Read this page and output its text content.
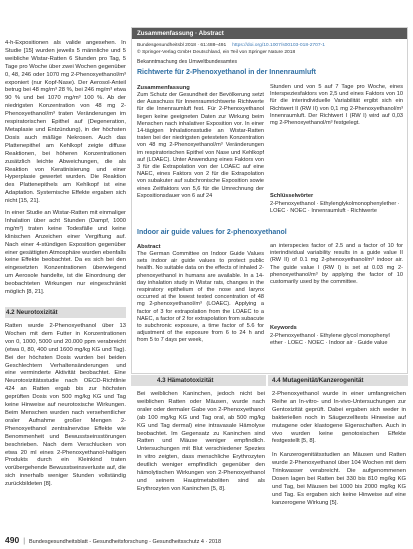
4-h-Expositionen als valide angesehen. In Studie [15] wurden jeweils 5 männliche und 5 weibliche Wistar-Ratten 6 Stunden pro Tag, 5 Tage pro Woche über zwei Wochen gegenüber 0, 48, 246 oder 1070 mg 2-Phenoxyethanol/m³ exponiert (nur Kopf-Nase). Der Aerosol-Anteil betrug bei 48 mg/m³ 28 %, bei 246 mg/m³ etwa 90 % und bei 1070 mg/m³ 100 %. Ab der niedrigsten Konzentration von 48 mg 2-Phenoxyethanol/m³ traten Veränderungen im respiratorischen Epithel auf (Degeneration, Metaplasie und Entzündung), in der höchsten Dosis auch mäßige Nekrosen. Auch das Plattenepithel am Kehlkopf zeigte diffuse Reaktionen, bei höheren Konzentrationen zusätzlich leichte Abweichungen, die als Reaktion von Keratinisierung und einer Hyperplasie gewertet wurden. Die Reaktion des Plattenepithels am Kehlkopf ist eine Adaptation. Systemische Effekte ergaben sich nicht [15, 21].

In einer Studie an Wistar-Ratten mit einmaliger Inhalation über acht Stunden (Dampf, 1000 mg/m³) traten keine Todesfälle und keine klinischen Anzeichen einer Vergiftung auf. Nach einer 4-stündigen Exposition gegenüber einer gesättigten Atmosphäre wurden ebenfalls keine Effekte beobachtet. Da es sich bei den eingesetzten Konzentrationen überwiegend um Aerosole handelte, ist die Einordnung der beobachteten Wirkungen nur eingeschränkt möglich [8, 21].

4.2 Neurotoxizität

Ratten wurde 2-Phenoxyethanol über 13 Wochen mit dem Futter in Konzentrationen von 0, 1000, 5000 und 20.000 ppm verabreicht (etwa 0, 80, 400 und 1600 mg/kg KG und Tag). Bei der höchsten Dosis wurden bei beiden Geschlechtern Verhaltensänderungen und eine verminderte Aktivität beobachtet. Eine Neurotoxizitätsstudie nach OECD-Richtlinie 424 an Ratten ergab bis zur höchsten geprüften Dosis von 500 mg/kg KG und Tag keine Hinweise auf neurotoxische Wirkungen. Beim Menschen wurden nach versehentlicher oraler Aufnahme großer Mengen 2-Phenoxyethanol zentralnervöse Effekte wie Benommenheit und Bewusstseinsstörungen beschrieben. Nach dem Verschlucken von etwa 20 ml eines 2-Phenoxyethanol-haltigen Produkts durch ein Kleinkind traten vorübergehende Bewusstseinsverluste auf, die sich innerhalb weniger Stunden vollständig zurückbildeten [8].

Zusammenfassung · Abstract
Bundesgesundheitsbl 2018 · 61:488–491 https://doi.org/10.1007/s00103-018-2707-1
© Springer-Verlag GmbH Deutschland, ein Teil von Springer Nature 2018
Bekanntmachung des Umweltbundesamtes
Richtwerte für 2-Phenoxyethanol in der Innenraumluft
Zusammenfassung

Zum Schutz der Gesundheit der Bevölkerung setzt der Ausschuss für Innenraumrichtwerte Richtwerte für die Innenraumluft fest. Für 2-Phenoxyethanol liegen keine geeigneten Daten zur Wirkung beim Menschen nach inhalativer Exposition vor. In einer 14-tägigen Inhalationsstudie an Wistar-Ratten traten bei der niedrigsten getesteten Konzentration von 48 mg 2-Phenoxyethanol/m³ Veränderungen im respiratorischen Epithel von Nase und Kehlkopf auf (LOAEC). Unter Anwendung eines Faktors von 3 für die Extrapolation von der LOAEC auf eine NAEC, eines Faktors von 2 für die Extrapolation von subakuter auf subchronische Exposition sowie eines Zeitfaktors von 5,6 für die Umrechnung der Expositionsdauer von 6 auf 24

Stunden und von 5 auf 7 Tage pro Woche, eines Interspeziesfaktors von 2,5 und eines Faktors von 10 für die interindividuelle Variabilität ergibt sich ein Richtwert II (RW II) von 0,1 mg 2-Phenoxyethanol/m³ Innenraumluft. Der Richtwert I (RW I) wird auf 0,03 mg 2-Phenoxyethanol/m³ festgelegt.

Schlüsselwörter
2-Phenoxyethanol · Ethylenglykolmonophenylether · LOEC · NOEC · Innenraumluft · Richtwerte
Indoor air guide values for 2-phenoxyethanol
Abstract

The German Committee on Indoor Guide Values sets indoor air guide values to protect public health. No suitable data on the effects of inhaled 2-phenoxyethanol in humans are available. In a 14-day inhalation study in Wistar rats, changes in the respiratory epithelium of the nose and larynx occurred at the lowest tested concentration of 48 mg 2-phenoxyethanol/m³ (LOAEC). Applying a factor of 3 for extrapolation from the LOAEC to a NAEC, a factor of 2 for extrapolation from subacute to subchronic exposure, a time factor of 5.6 for adjustment of the exposure from 6 to 24 h and from 5 to 7 days per week,

an interspecies factor of 2.5 and a factor of 10 for interindividual variability results in a guide value II (RW II) of 0.1 mg 2-phenoxyethanol/m³ indoor air. The guide value I (RW I) is set at 0.03 mg 2-phenoxyethanol/m³ by applying the factor of 10 customarily used by the committee.

Keywords
2-Phenoxyethanol · Ethylene glycol monophenyl ether · LOEC · NOEC · Indoor air · Guide value
4.3 Hämatotoxizität	4.4 Mutagenität/Kanzerogenität

Bei weiblichen Kaninchen, jedoch nicht bei weiblichen Ratten oder Mäusen, wurde nach oraler oder dermaler Gabe von 2-Phenoxyethanol (ab 100 mg/kg KG und Tag oral, ab 500 mg/kg KG und Tag dermal) eine intravasale Hämolyse beobachtet. Im Gegensatz zu Kaninchen sind Ratten und Mäuse weniger empfindlich. Untersuchungen mit Blut verschiedener Spezies in vitro zeigten, dass menschliche Erythrozyten deutlich weniger empfindlich gegenüber den hämolytischen Wirkungen von 2-Phenoxyethanol und seinem Hauptmetaboliten sind als Erythrozyten von Kaninchen [5, 8].

2-Phenoxyethanol wurde in einer umfangreichen Reihe an In-vitro- und In-vivo-Untersuchungen zur Gentoxizität geprüft. Dabei ergaben sich weder in bakteriellen noch in Säugerzelltests Hinweise auf mutagene oder klastogene Eigenschaften. Auch in vivo wurden keine genotoxischen Effekte festgestellt [5, 8].

In Kanzerogenitätsstudien an Mäusen und Ratten wurde 2-Phenoxyethanol über 104 Wochen mit dem Trinkwasser verabreicht. Die aufgenommenen Dosen lagen bei Ratten bei 330 bis 810 mg/kg KG und Tag, bei Mäusen bei 1000 bis 2000 mg/kg KG und Tag. Es ergaben sich keine Hinweise auf eine kanzerogene Wirkung [5].

490 | Bundesgesundheitsblatt - Gesundheitsforschung - Gesundheitsschutz 4 · 2018
